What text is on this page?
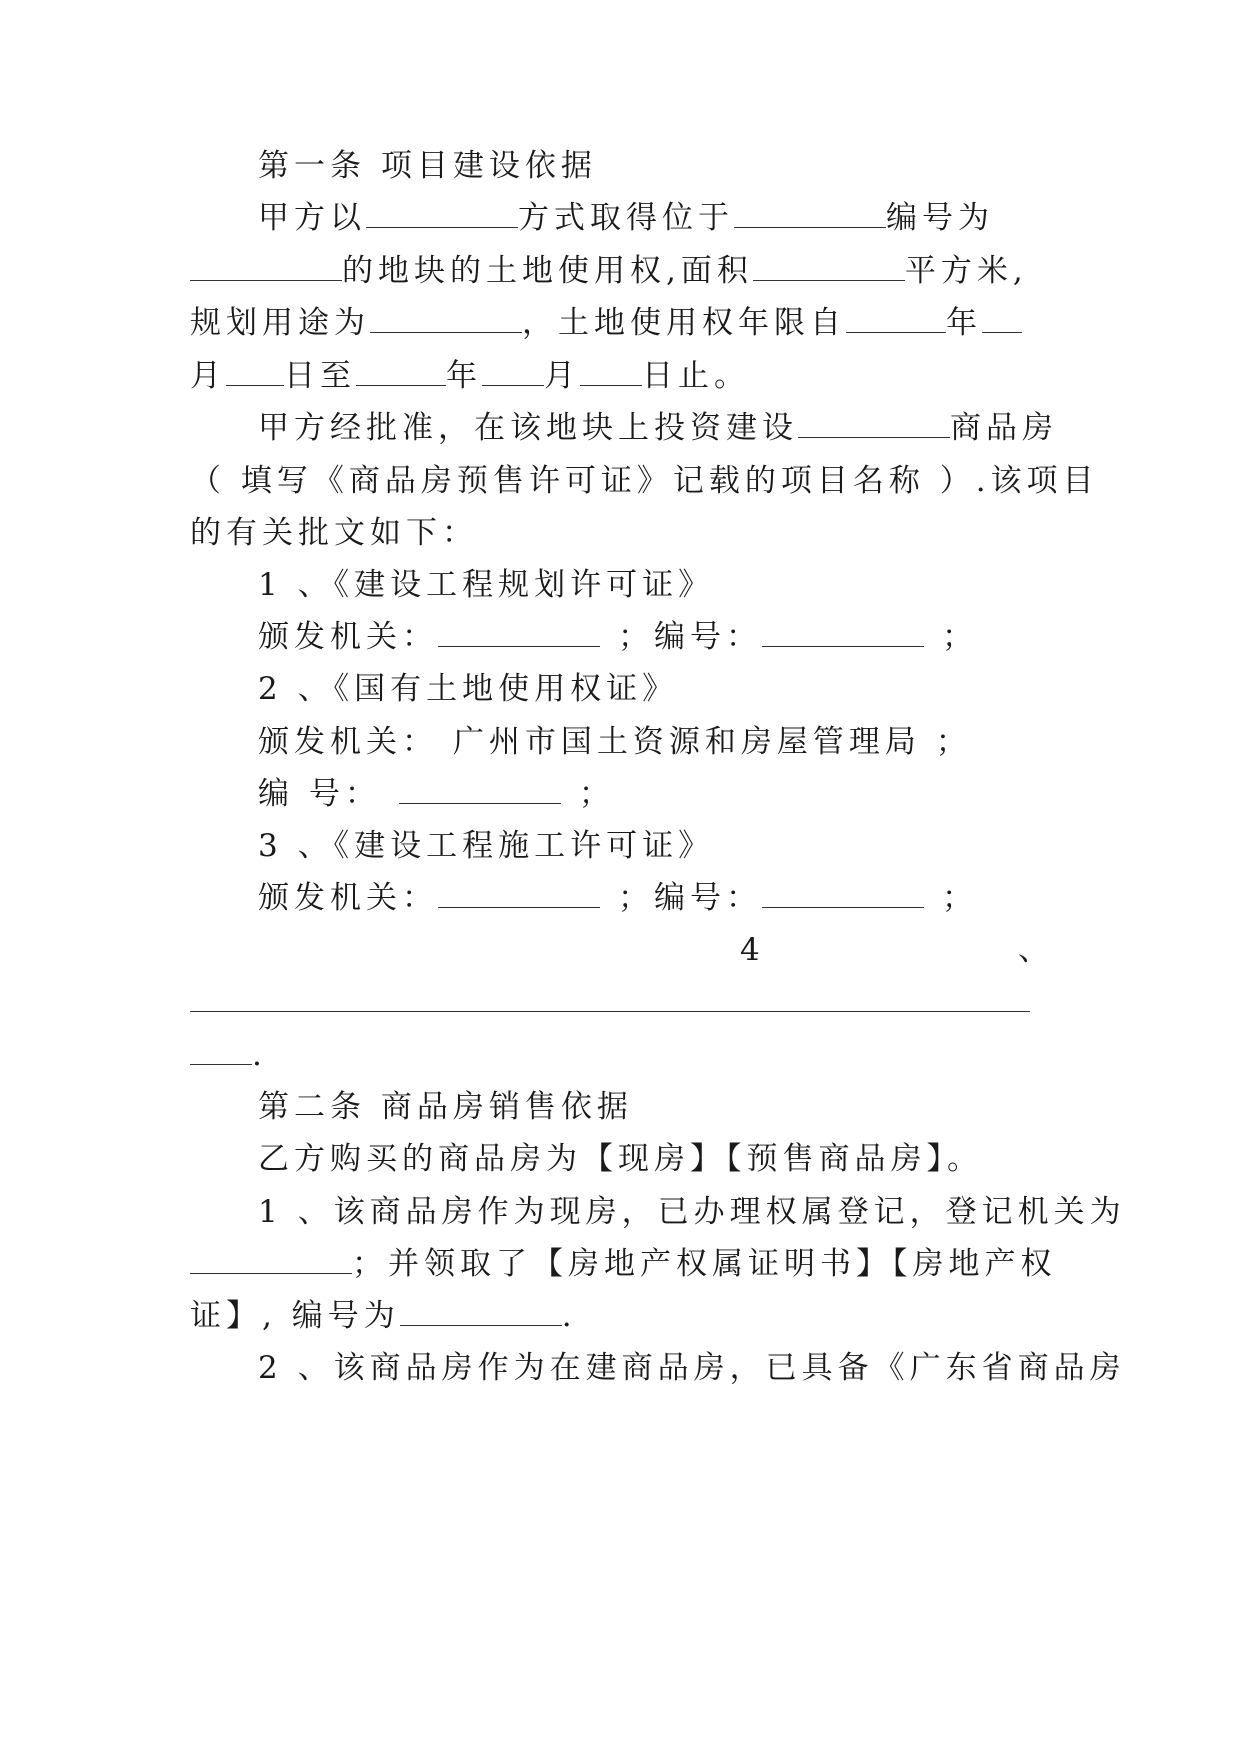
第一条 项目建设依据
甲方以	方式取得位于	编号为
的地块的土地使用权,面积	平方米,
规划用途为	，土地使用权年限自	年
月 日至	年 月 日止。
甲方经批准，在该地块上投资建设	商品房
（ 填写《商品房预售许可证》记载的项目名称 ）.该项目
的有关批文如下：
1 、《建设工程规划许可证》
颁发机关：	；编号：	；
2 、《国有土地使用权证》
颁发机关： 广州市国土资源和房屋管理局 ；
编 号：	；
3 、《建设工程施工许可证》
颁发机关：	；编号：	；
4	、
.
第二条 商品房销售依据
乙方购买的商品房为【现房】【预售商品房】。
1 、该商品房作为现房，已办理权属登记，登记机关为
；并领取了【房地产权属证明书】【房地产权
证】, 编号为	.
2 、该商品房作为在建商品房，已具备《广东省商品房
